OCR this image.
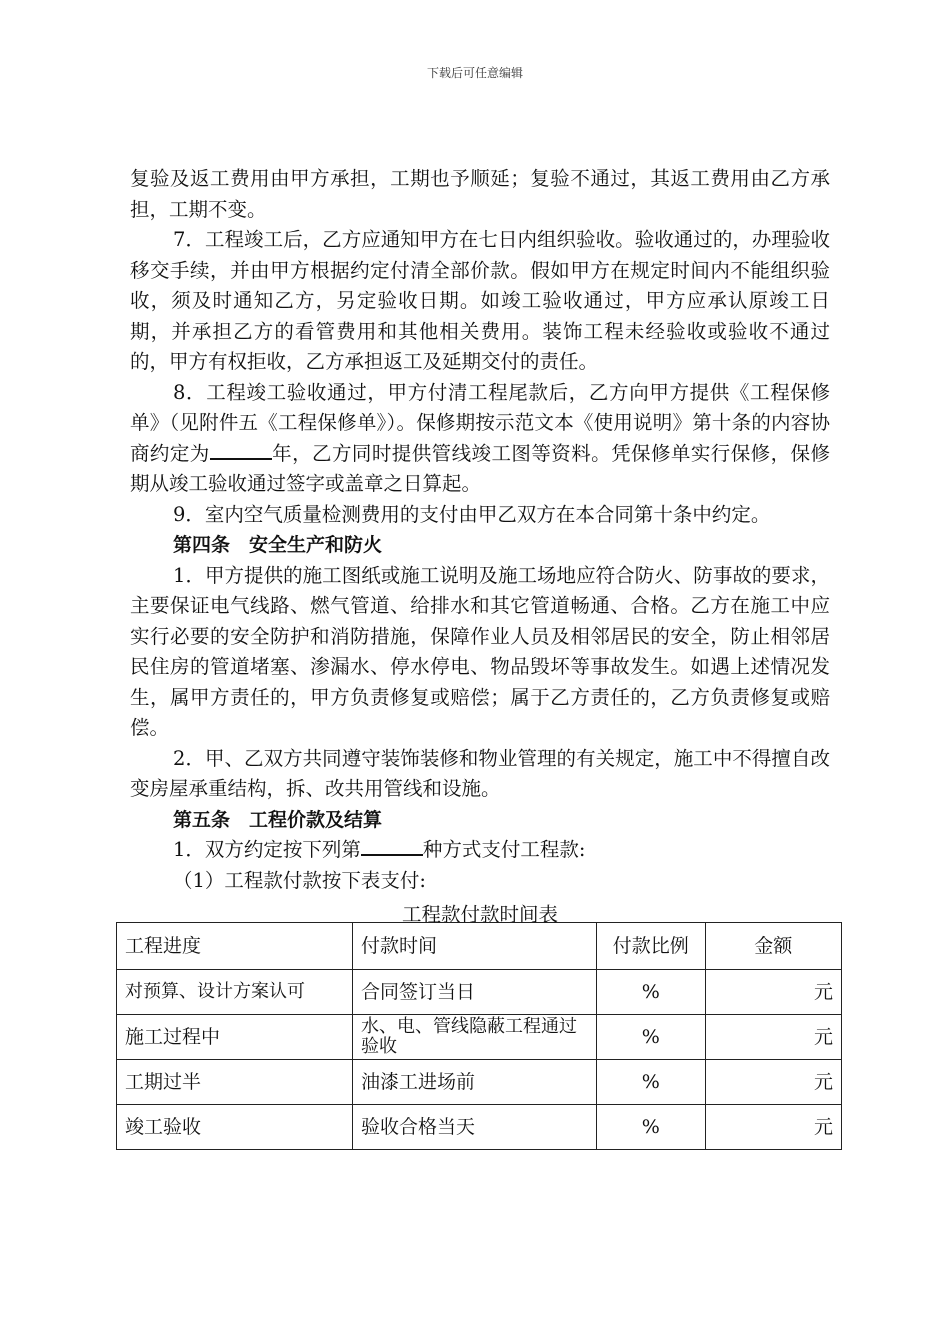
下载后可任意编辑

复验及返工费用由甲方承担，工期也予顺延；复验不通过，其返工费用由乙方承担，工期不变。

7．工程竣工后，乙方应通知甲方在七日内组织验收。验收通过的，办理验收移交手续，并由甲方根据约定付清全部价款。假如甲方在规定时间内不能组织验收，须及时通知乙方，另定验收日期。如竣工验收通过，甲方应承认原竣工日期，并承担乙方的看管费用和其他相关费用。装饰工程未经验收或验收不通过的，甲方有权拒收，乙方承担返工及延期交付的责任。

8．工程竣工验收通过，甲方付清工程尾款后，乙方向甲方提供《工程保修单》（见附件五《工程保修单》）。保修期按示范文本《使用说明》第十条的内容协商约定为	年，乙方同时提供管线竣工图等资料。凭保修单实行保修，保修期从竣工验收通过签字或盖章之日算起。

9．室内空气质量检测费用的支付由甲乙双方在本合同第十条中约定。

第四条　安全生产和防火

1．甲方提供的施工图纸或施工说明及施工场地应符合防火、防事故的要求，主要保证电气线路、燃气管道、给排水和其它管道畅通、合格。乙方在施工中应实行必要的安全防护和消防措施，保障作业人员及相邻居民的安全，防止相邻居民住房的管道堵塞、渗漏水、停水停电、物品毁坏等事故发生。如遇上述情况发生，属甲方责任的，甲方负责修复或赔偿；属于乙方责任的，乙方负责修复或赔偿。

2．甲、乙双方共同遵守装饰装修和物业管理的有关规定，施工中不得擅自改变房屋承重结构，拆、改共用管线和设施。

第五条　工程价款及结算

1．双方约定按下列第	种方式支付工程款:

（1）工程款付款按下表支付:

工程款付款时间表
工程进度	付款时间	付款比例	金额
对预算、设计方案认可	合同签订当日	%	元
施工过程中	水、电、管线隐蔽工程通过验收	%	元
工期过半	油漆工进场前	%	元
竣工验收	验收合格当天	%	元
